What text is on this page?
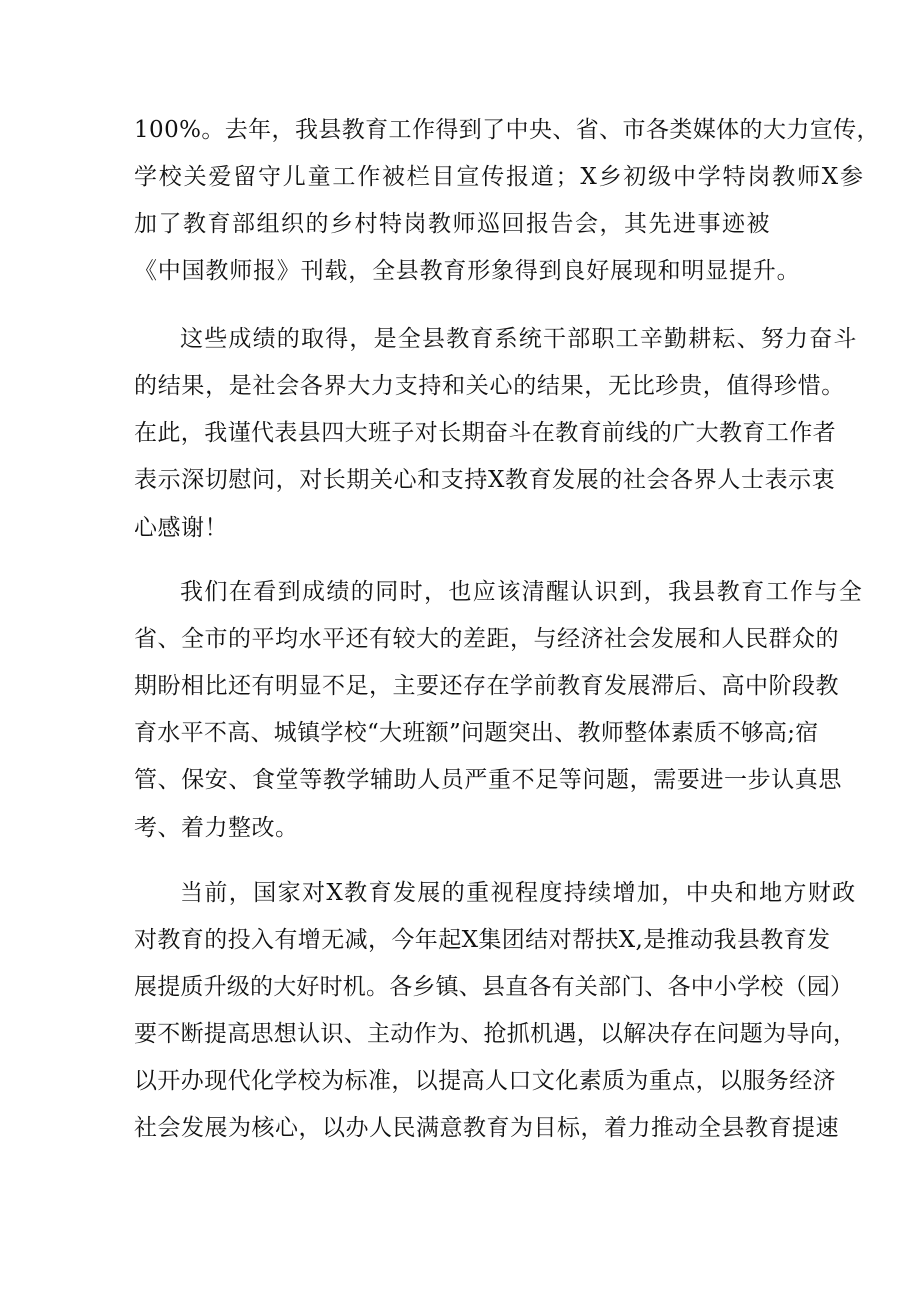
100%。去年，我县教育工作得到了中央、省、市各类媒体的大力宣传，
学校关爱留守儿童工作被栏目宣传报道；X乡初级中学特岗教师X参
加了教育部组织的乡村特岗教师巡回报告会，其先进事迹被
《中国教师报》刊载，全县教育形象得到良好展现和明显提升。
这些成绩的取得，是全县教育系统干部职工辛勤耕耘、努力奋斗
的结果，是社会各界大力支持和关心的结果，无比珍贵，值得珍惜。
在此，我谨代表县四大班子对长期奋斗在教育前线的广大教育工作者
表示深切慰问，对长期关心和支持X教育发展的社会各界人士表示衷
心感谢！
我们在看到成绩的同时，也应该清醒认识到，我县教育工作与全
省、全市的平均水平还有较大的差距，与经济社会发展和人民群众的
期盼相比还有明显不足，主要还存在学前教育发展滞后、高中阶段教
育水平不高、城镇学校“大班额”问题突出、教师整体素质不够高;宿
管、保安、食堂等教学辅助人员严重不足等问题，需要进一步认真思
考、着力整改。
当前，国家对X教育发展的重视程度持续增加，中央和地方财政
对教育的投入有增无减，今年起X集团结对帮扶X,是推动我县教育发
展提质升级的大好时机。各乡镇、县直各有关部门、各中小学校（园）
要不断提高思想认识、主动作为、抢抓机遇，以解决存在问题为导向，
以开办现代化学校为标准，以提高人口文化素质为重点，以服务经济
社会发展为核心，以办人民满意教育为目标，着力推动全县教育提速
